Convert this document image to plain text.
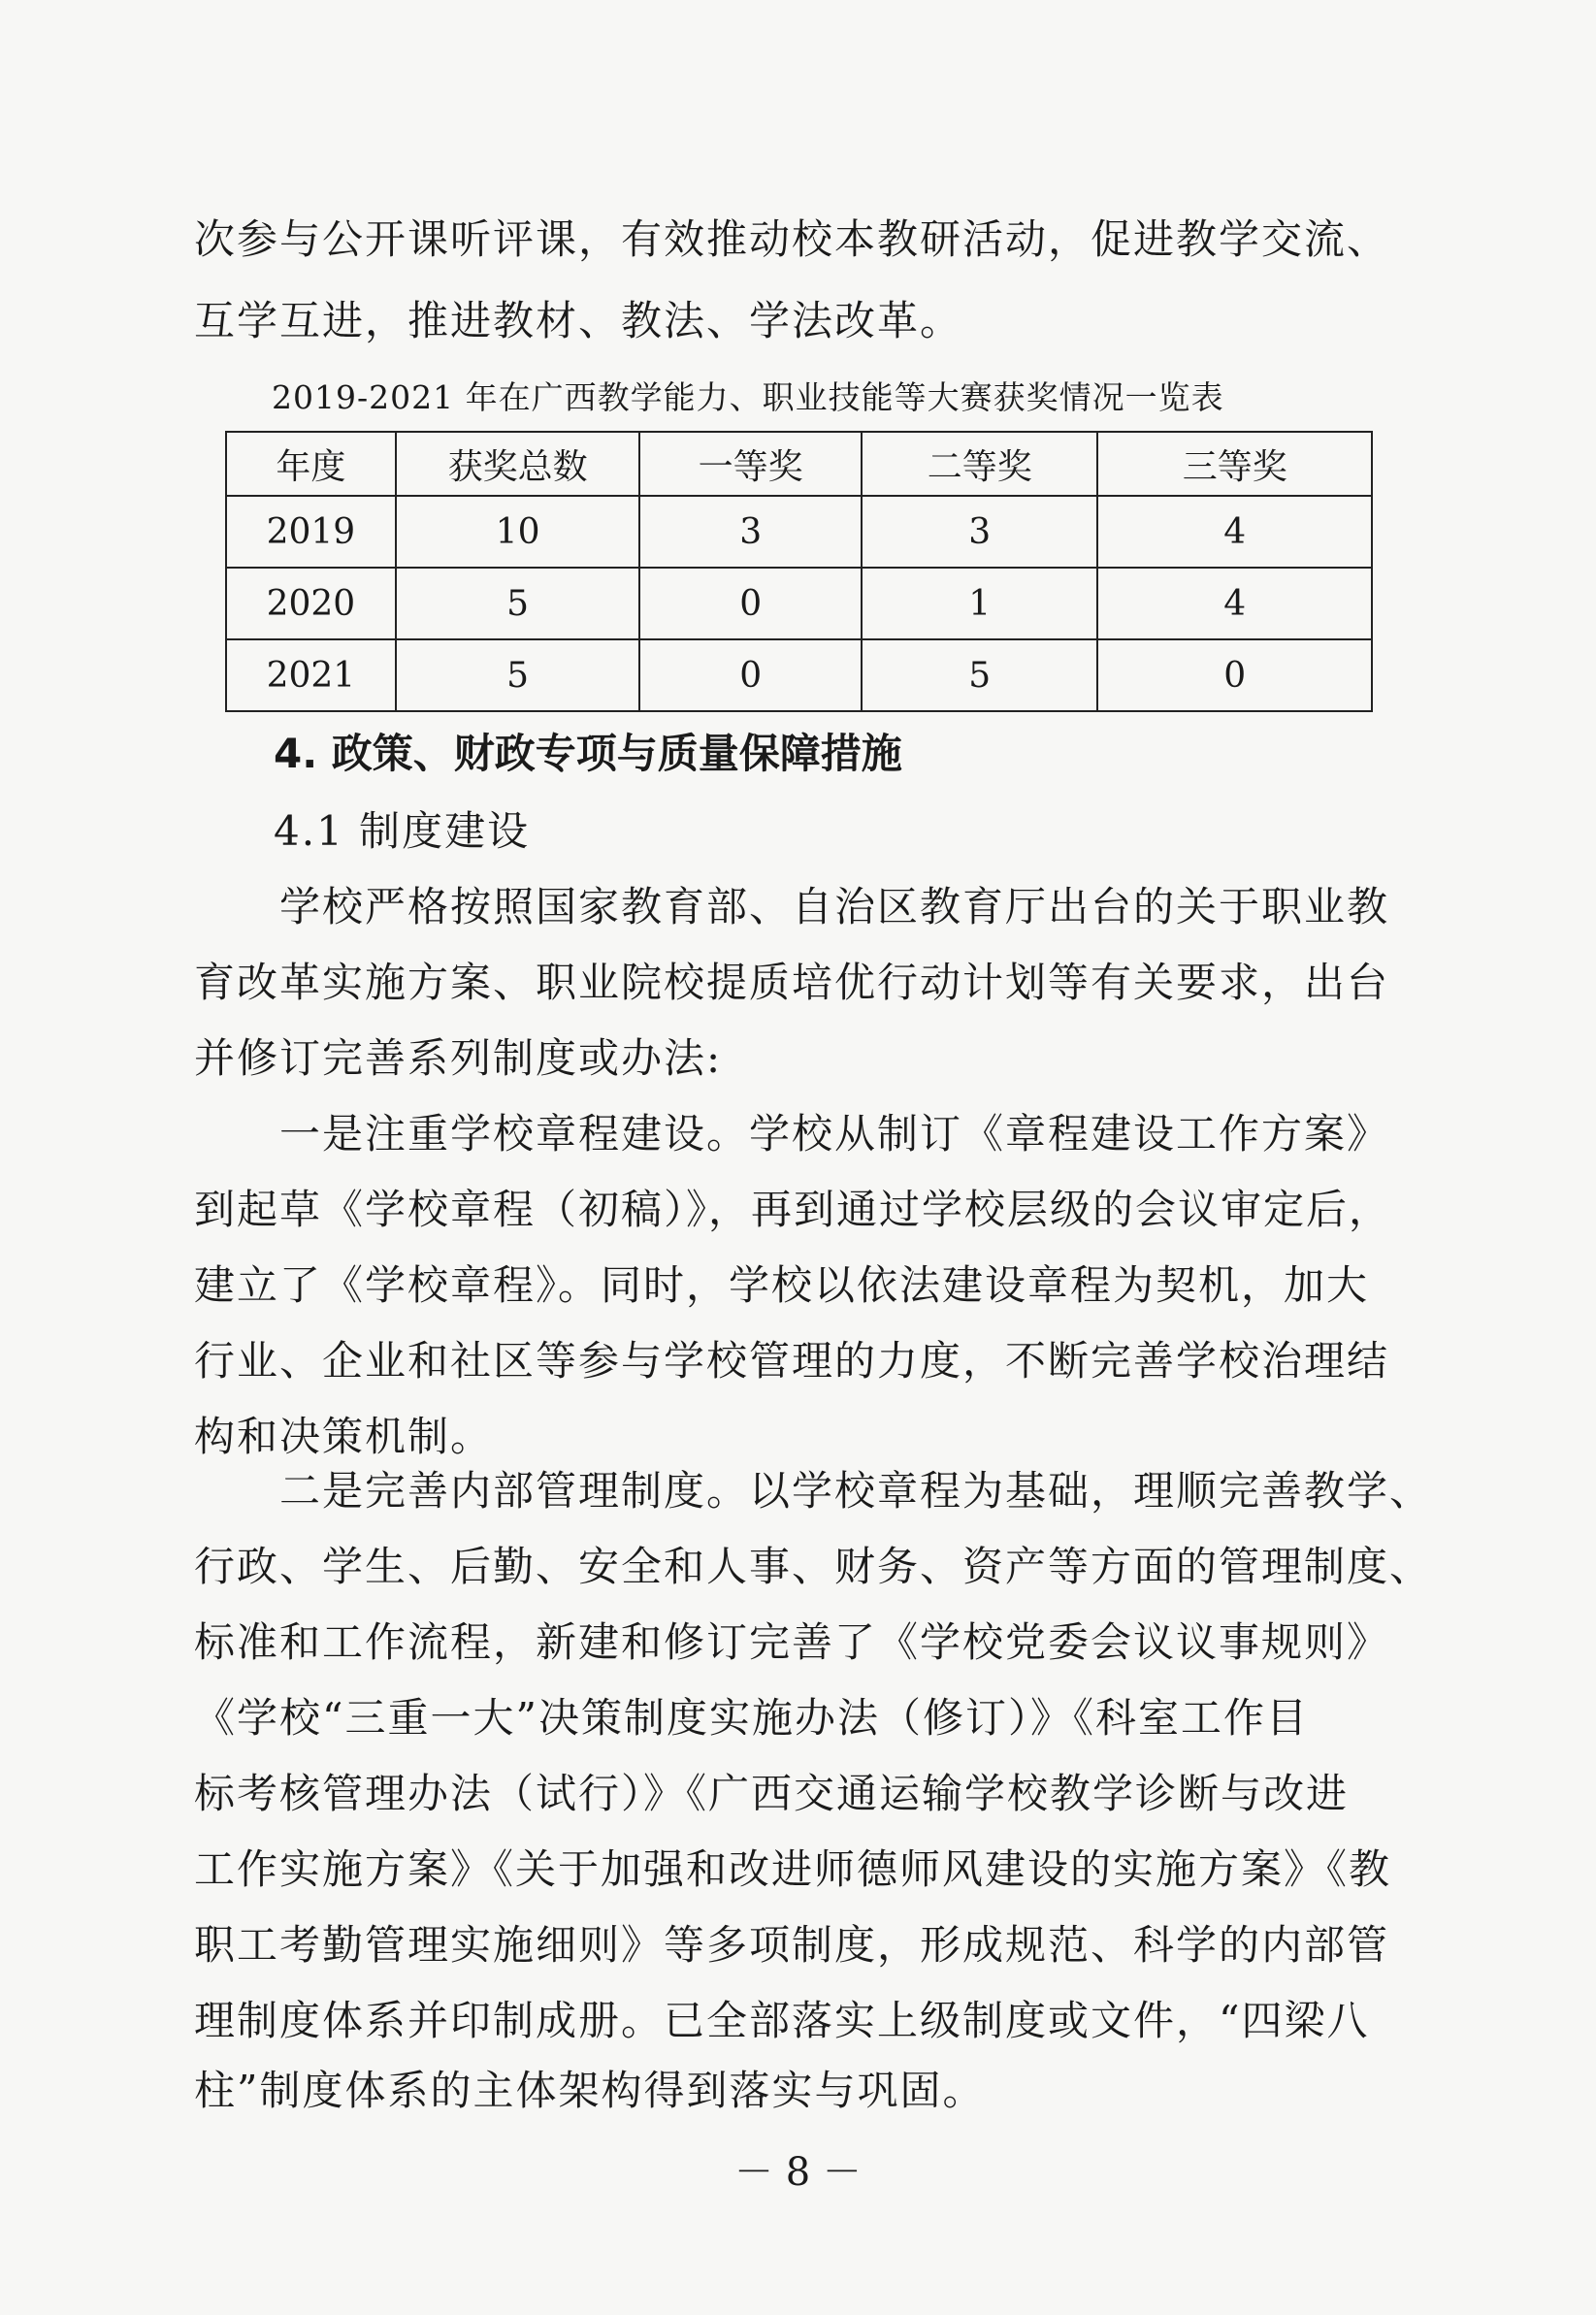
次参与公开课听评课，有效推动校本教研活动，促进教学交流、
互学互进，推进教材、教法、学法改革。
2019-2021 年在广西教学能力、职业技能等大赛获奖情况一览表
年度	获奖总数	一等奖	二等奖	三等奖
2019	10	3	3	4
2020	5	0	1	4
2021	5	0	5	0
4. 政策、财政专项与质量保障措施
4.1 制度建设
　　学校严格按照国家教育部、自治区教育厅出台的关于职业教
育改革实施方案、职业院校提质培优行动计划等有关要求，出台
并修订完善系列制度或办法:
　　一是注重学校章程建设。学校从制订《章程建设工作方案》
到起草《学校章程（初稿）》，再到通过学校层级的会议审定后，
建立了《学校章程》。同时，学校以依法建设章程为契机，加大
行业、企业和社区等参与学校管理的力度，不断完善学校治理结
构和决策机制。
　　二是完善内部管理制度。以学校章程为基础，理顺完善教学、
行政、学生、后勤、安全和人事、财务、资产等方面的管理制度、
标准和工作流程，新建和修订完善了《学校党委会议议事规则》
《学校“三重一大”决策制度实施办法（修订）》《科室工作目
标考核管理办法（试行）》《广西交通运输学校教学诊断与改进
工作实施方案》《关于加强和改进师德师风建设的实施方案》《教
职工考勤管理实施细则》等多项制度，形成规范、科学的内部管
理制度体系并印制成册。已全部落实上级制度或文件，“四梁八
柱”制度体系的主体架构得到落实与巩固。
－ 8 －
